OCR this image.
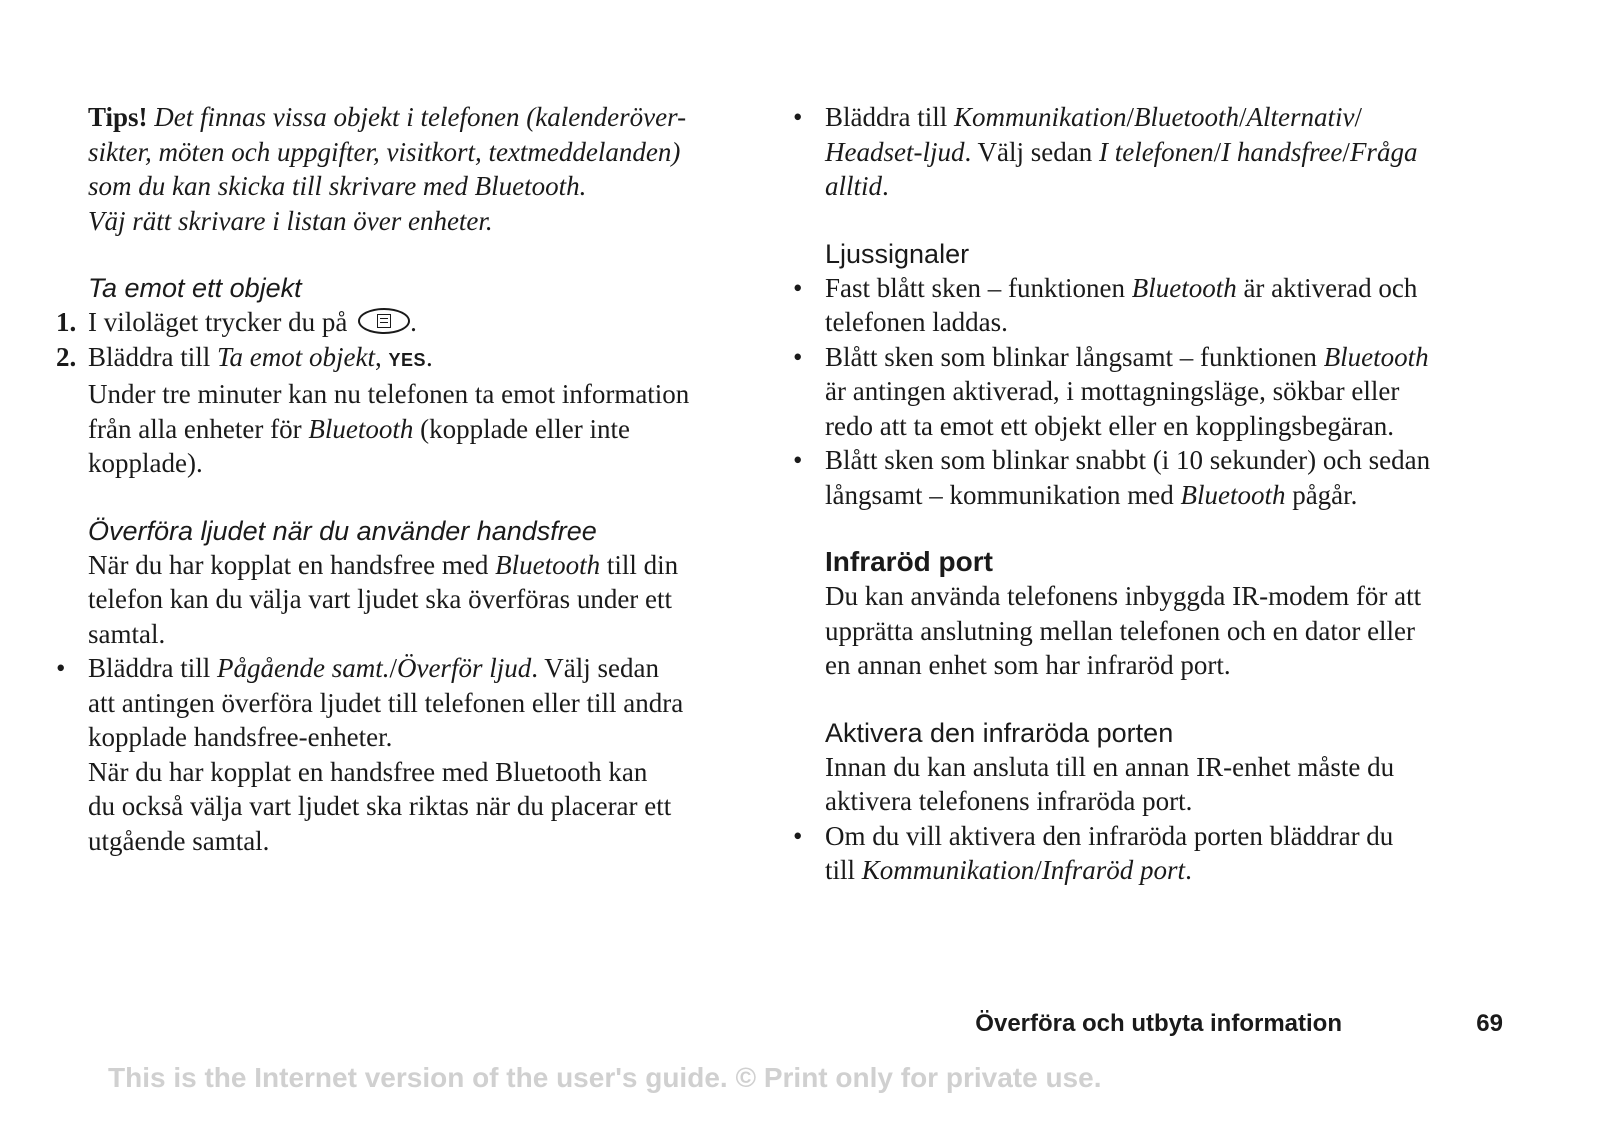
Tips! Det finnas vissa objekt i telefonen (kalenderöver-

sikter, möten och uppgifter, visitkort, textmeddelanden)

som du kan skicka till skrivare med Bluetooth.

Väj rätt skrivare i listan över enheter.

Ta emot ett objekt

1. I viloläget trycker du på .
2. Bläddra till Ta emot objekt, YES.

Under tre minuter kan nu telefonen ta emot information

från alla enheter för Bluetooth (kopplade eller inte

kopplade).

Överföra ljudet när du använder handsfree

När du har kopplat en handsfree med Bluetooth till din

telefon kan du välja vart ljudet ska överföras under ett

samtal.

• Bläddra till Pågående samt./Överför ljud. Välj sedan

att antingen överföra ljudet till telefonen eller till andra

kopplade handsfree-enheter.

När du har kopplat en handsfree med Bluetooth kan

du också välja vart ljudet ska riktas när du placerar ett

utgående samtal.

• Bläddra till Kommunikation/Bluetooth/Alternativ/

Headset-ljud. Välj sedan I telefonen/I handsfree/Fråga

alltid.

Ljussignaler

• Fast blått sken – funktionen Bluetooth är aktiverad och

telefonen laddas.

• Blått sken som blinkar långsamt – funktionen Bluetooth

är antingen aktiverad, i mottagningsläge, sökbar eller

redo att ta emot ett objekt eller en kopplingsbegäran.

• Blått sken som blinkar snabbt (i 10 sekunder) och sedan

långsamt – kommunikation med Bluetooth pågår.

Infraröd port

Du kan använda telefonens inbyggda IR-modem för att

upprätta anslutning mellan telefonen och en dator eller

en annan enhet som har infraröd port.

Aktivera den infraröda porten

Innan du kan ansluta till en annan IR-enhet måste du

aktivera telefonens infraröda port.

• Om du vill aktivera den infraröda porten bläddrar du

till Kommunikation/Infraröd port.

Överföra och utbyta information	69
This is the Internet version of the user's guide. © Print only for private use.
